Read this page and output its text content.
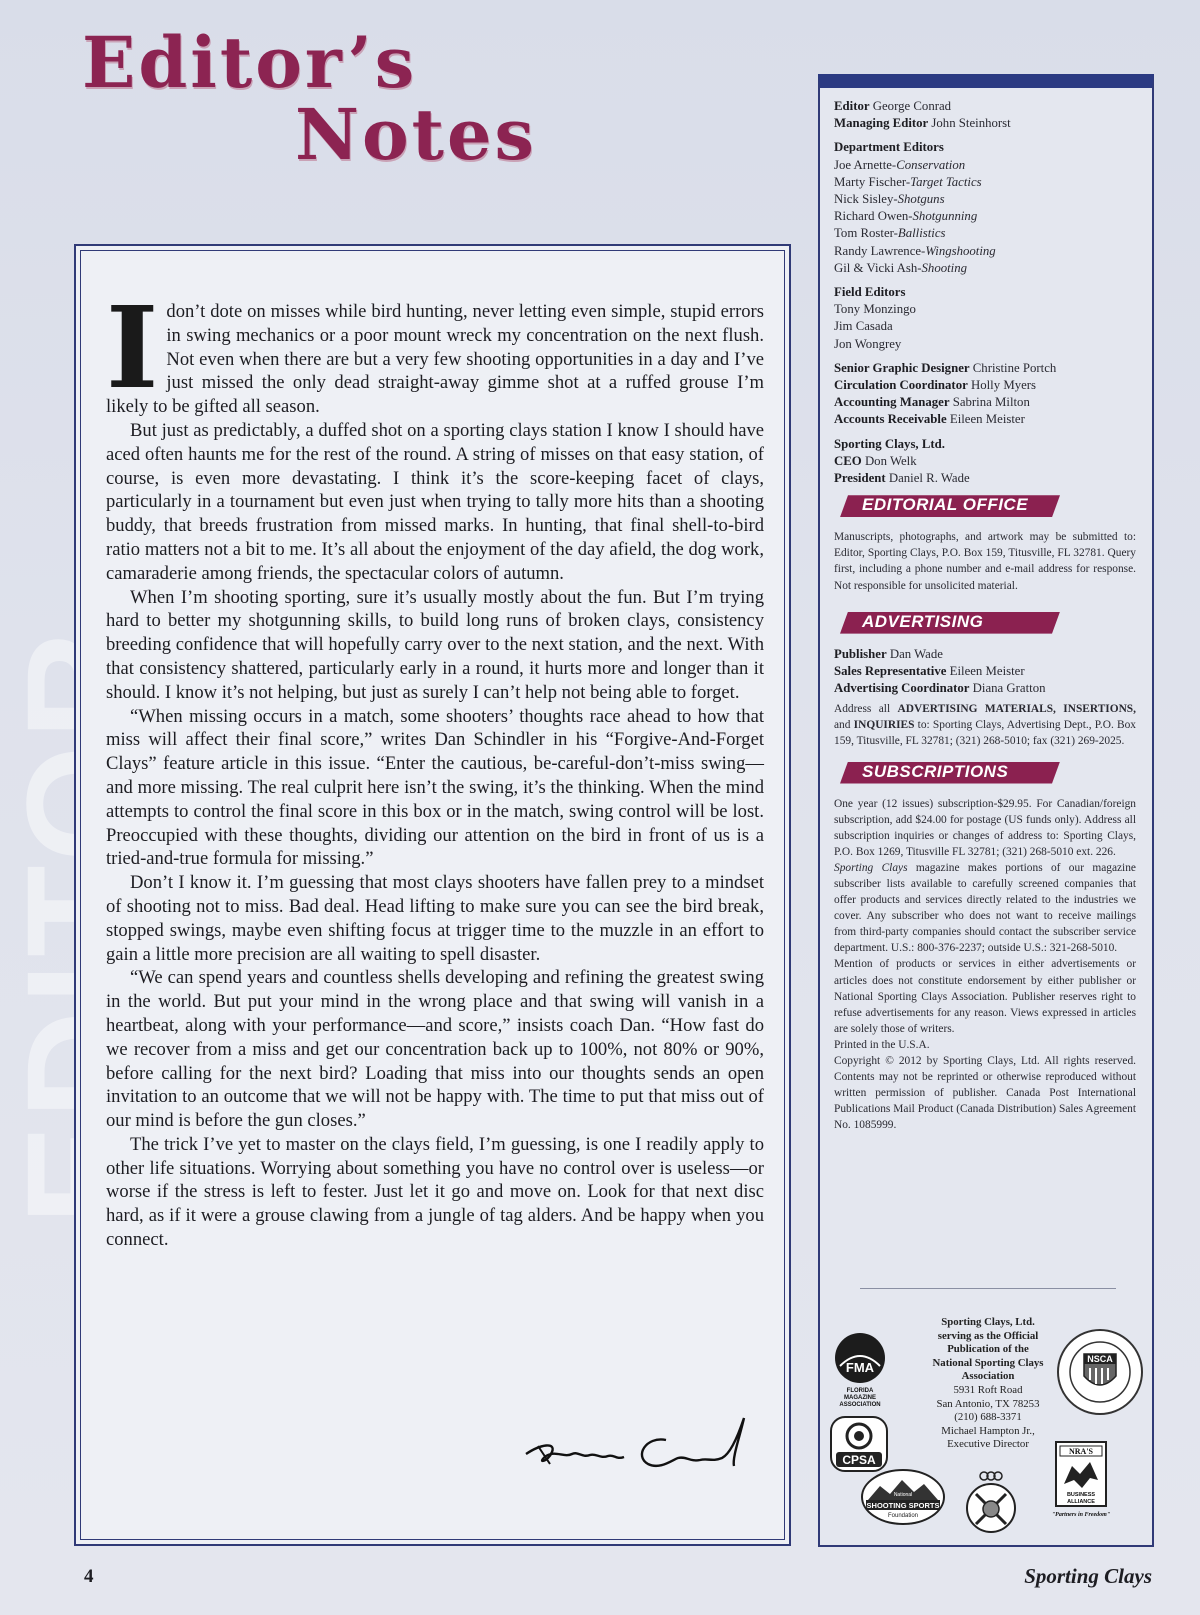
Editor’s
Notes

I don’t dote on misses while bird hunting, never letting even simple, stupid errors in swing mechanics or a poor mount wreck my concentration on the next flush. Not even when there are but a very few shooting opportunities in a day and I’ve just missed the only dead straight-away gimme shot at a ruffed grouse I’m likely to be gifted all season.

But just as predictably, a duffed shot on a sporting clays station I know I should have aced often haunts me for the rest of the round. A string of misses on that easy station, of course, is even more devastating. I think it’s the score-keeping facet of clays, particularly in a tournament but even just when trying to tally more hits than a shooting buddy, that breeds frustration from missed marks. In hunting, that final shell-to-bird ratio matters not a bit to me. It’s all about the enjoyment of the day afield, the dog work, camaraderie among friends, the spectacular colors of autumn.

When I’m shooting sporting, sure it’s usually mostly about the fun. But I’m trying hard to better my shotgunning skills, to build long runs of broken clays, consistency breeding confidence that will hopefully carry over to the next station, and the next. With that consistency shattered, particularly early in a round, it hurts more and longer than it should. I know it’s not helping, but just as surely I can’t help not being able to forget.

“When missing occurs in a match, some shooters’ thoughts race ahead to how that miss will affect their final score,” writes Dan Schindler in his “Forgive-And-Forget Clays” feature article in this issue. “Enter the cautious, be-careful-don’t-miss swing—and more missing. The real culprit here isn’t the swing, it’s the thinking. When the mind attempts to control the final score in this box or in the match, swing control will be lost. Preoccupied with these thoughts, dividing our attention on the bird in front of us is a tried-and-true formula for missing.”

Don’t I know it. I’m guessing that most clays shooters have fallen prey to a mindset of shooting not to miss. Bad deal. Head lifting to make sure you can see the bird break, stopped swings, maybe even shifting focus at trigger time to the muzzle in an effort to gain a little more precision are all waiting to spell disaster.

“We can spend years and countless shells developing and refining the greatest swing in the world. But put your mind in the wrong place and that swing will vanish in a heartbeat, along with your performance—and score,” insists coach Dan. “How fast do we recover from a miss and get our concentration back up to 100%, not 80% or 90%, before calling for the next bird? Loading that miss into our thoughts sends an open invitation to an outcome that we will not be happy with. The time to put that miss out of our mind is before the gun closes.”

The trick I’ve yet to master on the clays field, I’m guessing, is one I readily apply to other life situations. Worrying about something you have no control over is useless—or worse if the stress is left to fester. Just let it go and move on. Look for that next disc hard, as if it were a grouse clawing from a jungle of tag alders. And be happy when you connect.

Editor George Conrad
Managing Editor John Steinhorst
Department Editors
Joe Arnette-Conservation
Marty Fischer-Target Tactics
Nick Sisley-Shotguns
Richard Owen-Shotgunning
Tom Roster-Ballistics
Randy Lawrence-Wingshooting
Gil & Vicki Ash-Shooting
Field Editors
Tony Monzingo
Jim Casada
Jon Wongrey
Senior Graphic Designer Christine Portch
Circulation Coordinator Holly Myers
Accounting Manager Sabrina Milton
Accounts Receivable Eileen Meister
Sporting Clays, Ltd.
CEO Don Welk
President Daniel R. Wade
EDITORIAL OFFICE
Manuscripts, photographs, and artwork may be submitted to: Editor, Sporting Clays, P.O. Box 159, Titusville, FL 32781. Query first, including a phone number and e-mail address for response. Not responsible for unsolicited material.
ADVERTISING
Publisher Dan Wade
Sales Representative Eileen Meister
Advertising Coordinator Diana Gratton
Address all ADVERTISING MATERIALS, INSERTIONS, and INQUIRIES to: Sporting Clays, Advertising Dept., P.O. Box 159, Titusville, FL 32781; (321) 268-5010; fax (321) 269-2025.
SUBSCRIPTIONS
One year (12 issues) subscription-$29.95. For Canadian/foreign subscription, add $24.00 for postage (US funds only). Address all subscription inquiries or changes of address to: Sporting Clays, P.O. Box 1269, Titusville FL 32781; (321) 268-5010 ext. 226.
Sporting Clays magazine makes portions of our magazine subscriber lists available to carefully screened companies that offer products and services directly related to the industries we cover. Any subscriber who does not want to receive mailings from third-party companies should contact the subscriber service department. U.S.: 800-376-2237; outside U.S.: 321-268-5010.
Mention of products or services in either advertisements or articles does not constitute endorsement by either publisher or National Sporting Clays Association. Publisher reserves right to refuse advertisements for any reason. Views expressed in articles are solely those of writers.
Printed in the U.S.A.
Copyright © 2012 by Sporting Clays, Ltd. All rights reserved. Contents may not be reprinted or otherwise reproduced without written permission of publisher. Canada Post International Publications Mail Product (Canada Distribution) Sales Agreement No. 1085999.
Sporting Clays, Ltd.
serving as the Official
Publication of the
National Sporting Clays
Association
5931 Roft Road
San Antonio, TX 78253
(210) 688-3371
Michael Hampton Jr.,
Executive Director
FMA
FLORIDA
MAGAZINE
ASSOCIATION
CPSA
NSCA
National
SHOOTING SPORTS
Foundation
NRA'S
BUSINESS
ALLIANCE
"Partners in Freedom"
4	Sporting Clays
